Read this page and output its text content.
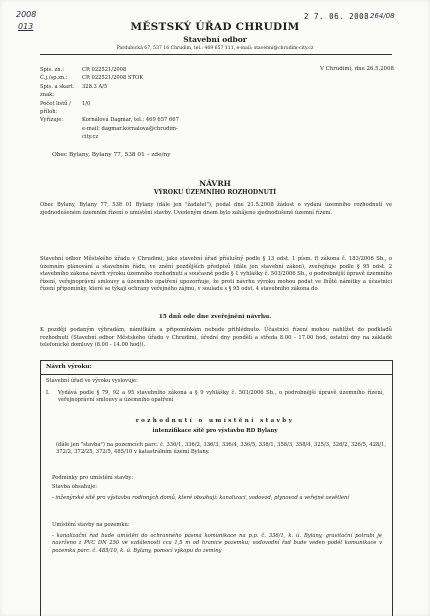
2008
013
264/08
2 7. 06. 2008
MĚSTSKÝ ÚŘAD CHRUDIM
Stavební odbor
Pardubická 67, 537 16 Chrudim, tel.: 469 657 111, e-mail: stavebni@chrudim-city.cz
Spis. zn.:	CR 022521/2008
Č.j./sp.zn.:	CR 022521/2008 STOK
Spis. a skart. znak:
328.3 A/5
Počet listů / příloh:
1/0
Vyřizuje:	Kornálová Dagmar, tel.: 469 657 667
e-mail: dagmar.kornalova@chrudim-
city.cz
V Chrudimi, dne 26.5.2008
Obec Bylany, Bylany 77, 538 01 – zde/ny
NÁVRH
VÝROKU ÚZEMNÍHO ROZHODNUTÍ
Obec Bylany, Bylany 77, 538 01 Bylany (dále jen "žadatel"), podal dne 21.5.2008 žádost o vydání územního rozhodnutí ve zjednodušeném územním řízení o umístění stavby. Uvedeným dnem bylo zahájeno zjednodušené územní řízení.
Stavební odbor Městského úřadu v Chrudimi, jako stavební úřad příslušný podle § 13 odst. 1 písm. f) zákona č. 183/2006 Sb., o územním plánování a stavebním řádu, ve znění pozdějších předpisů (dále jen stavební zákon), zveřejňuje podle § 95 odst. 2 stavebního zákona návrh výroku územního rozhodnutí a současně podle § 1 vyhlášky č. 503/2006 Sb., o podrobnější úpravě územního řízení, veřejnoprávní smlouvy a územního opatření upozorňuje, že proti návrhu výroku mohou podat ve lhůtě námitky a účastníci řízení připomínky, které se týkají ochrany veřejného zájmu, v souladu s § 95 odst. 4 stavebního zákona do
15 dnů ode dne zveřejnění návrhu.
K později podaným výhradám, námitkám a připomínkám nebude přihlédnuto. Účastníci řízení mohou nahlížet do podkladů rozhodnutí (Stavební odbor Městského úřadu v Chrudimi, úřední dny pondělí a středa 8.00 - 17.00 hod, ostatní dny na základě telefonické domluvy (8.00 - 14.00 hod)).
Návrh výroku:
Stavební úřad ve výroku vyslovuje:
I.	Vydává podle § 79, 92 a 95 stavebního zákona a § 9 vyhlášky č. 503/2006 Sb., o podrobnější úpravě územního řízení, veřejnoprávní smlouvy a územního opatření
rozhodnutí o umístění stavby
intenzifikace sítě pro výstavbu RD Bylany
(dále jen "stavba") na pozemcích parc. č. 336/1, 336/2, 336/3, 336/4, 336/5, 338/1, 358/3, 358/4, 325/3, 326/2, 326/5, 428/1, 372/2, 372/25, 372/5, 485/10 v katastrálním území Bylany.
Podmínky pro umístění stavby:
Stavba obsahuje:
- inženýrské sítě pro výstavbu rodinných domů, které obsahují: kanalizaci, vodovod, plynovod a veřejné osvětlení
Umístění stavby na pozemku:
- kanalizační řad bude umístěn do ochranného pásma komunikace na p.p. č. 336/1, k. ú. Bylany, gravitační potrubí je navrženo z PVC DN 250 ve vzdálenosti cca 1,5 m od hranice pozemku; vodovodní řad bude veden podél komunikace v pozemku parc. č. 485/10, k. ú. Bylany, pomocí výkopu do zeminy
